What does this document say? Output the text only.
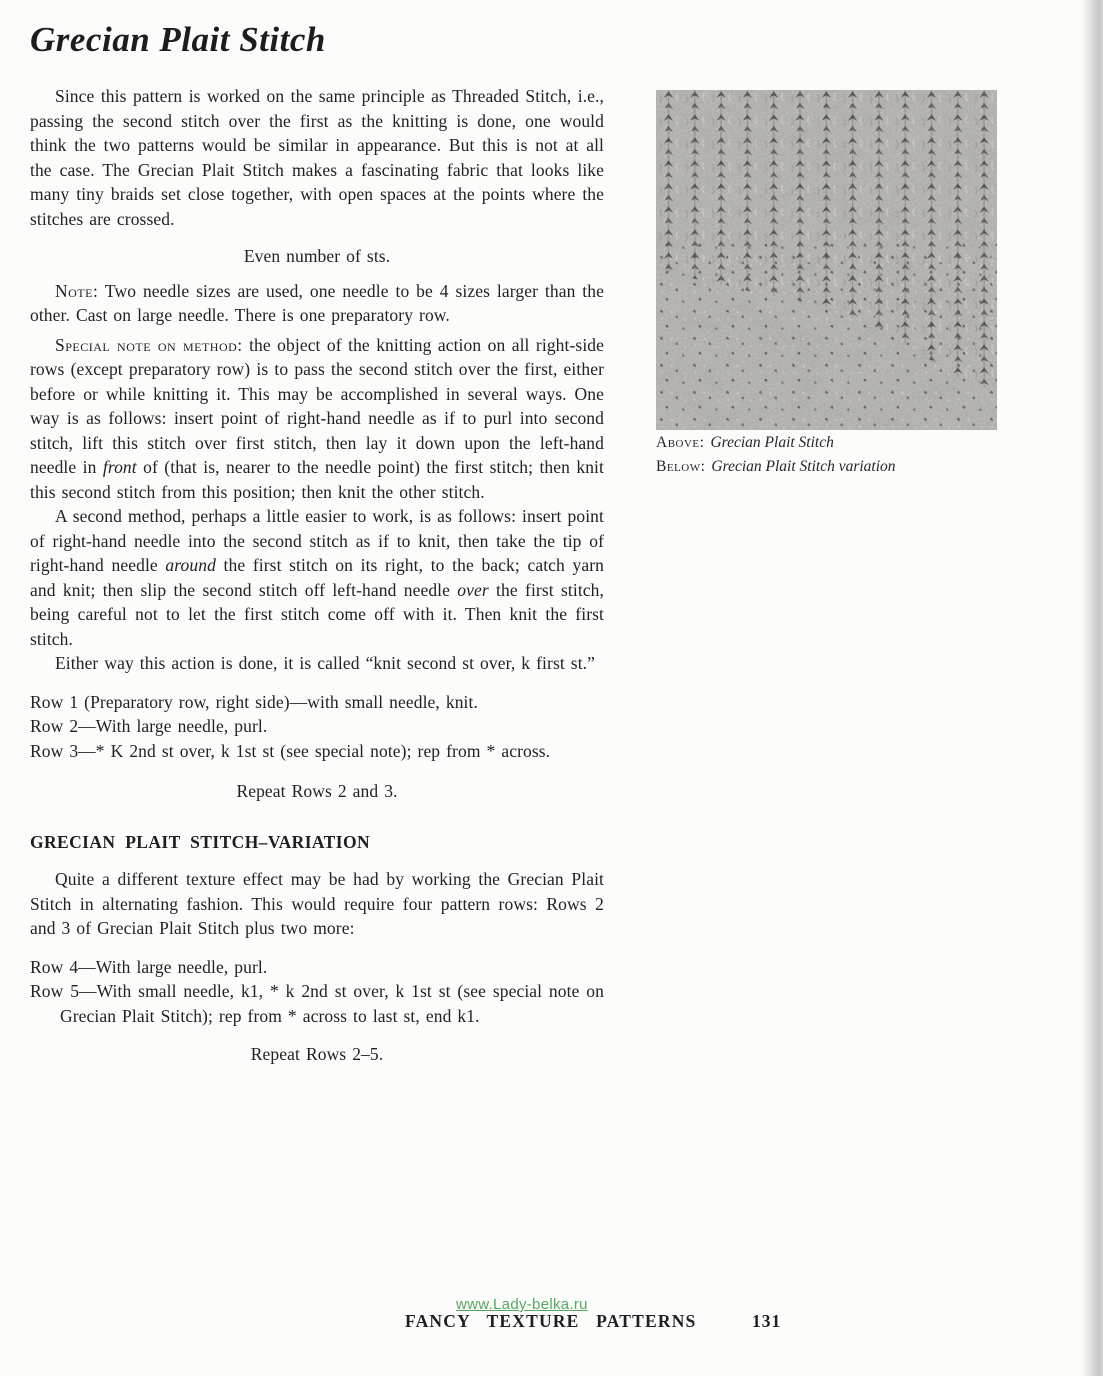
Grecian Plait Stitch

Since this pattern is worked on the same principle as Threaded Stitch, i.e., passing the second stitch over the first as the knitting is done, one would think the two patterns would be similar in appearance. But this is not at all the case. The Grecian Plait Stitch makes a fascinating fabric that looks like many tiny braids set close together, with open spaces at the points where the stitches are crossed.

Even number of sts.

Note: Two needle sizes are used, one needle to be 4 sizes larger than the other. Cast on large needle. There is one preparatory row.

Special note on method: the object of the knitting action on all right-side rows (except preparatory row) is to pass the second stitch over the first, either before or while knitting it. This may be accomplished in several ways. One way is as follows: insert point of right-hand needle as if to purl into second stitch, lift this stitch over first stitch, then lay it down upon the left-hand needle in front of (that is, nearer to the needle point) the first stitch; then knit this second stitch from this position; then knit the other stitch.

A second method, perhaps a little easier to work, is as follows: insert point of right-hand needle into the second stitch as if to knit, then take the tip of right-hand needle around the first stitch on its right, to the back; catch yarn and knit; then slip the second stitch off left-hand needle over the first stitch, being careful not to let the first stitch come off with it. Then knit the first stitch.

Either way this action is done, it is called “knit second st over, k first st.”

Row 1 (Preparatory row, right side)—with small needle, knit.

Row 2—With large needle, purl.

Row 3—* K 2nd st over, k 1st st (see special note); rep from * across.

Repeat Rows 2 and 3.

GRECIAN PLAIT STITCH–VARIATION

Quite a different texture effect may be had by working the Grecian Plait Stitch in alternating fashion. This would require four pattern rows: Rows 2 and 3 of Grecian Plait Stitch plus two more:

Row 4—With large needle, purl.

Row 5—With small needle, k1, * k 2nd st over, k 1st st (see special note on Grecian Plait Stitch); rep from * across to last st, end k1.

Repeat Rows 2–5.

Above: Grecian Plait Stitch

Below: Grecian Plait Stitch variation

www.Lady-belka.ru

FANCY TEXTURE PATTERNS	131
